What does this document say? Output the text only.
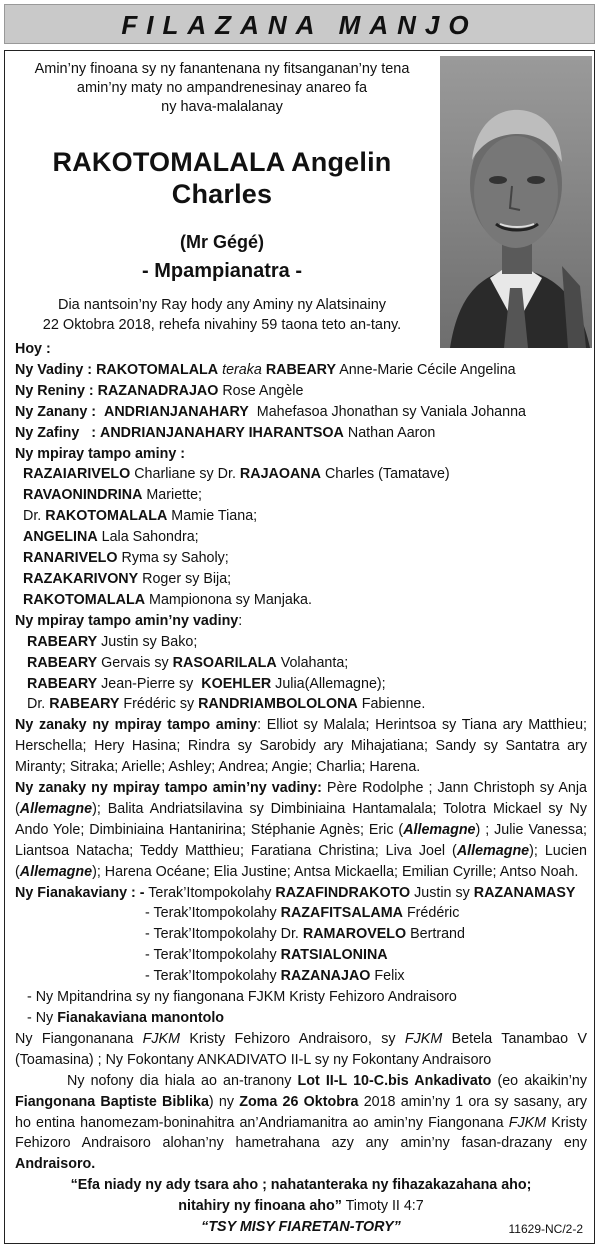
FILAZANA MANJO
Amin’ny finoana sy ny fanantenana ny fitsanganan’ny tena
amin’ny maty no ampandrenesinay anareo fa
ny hava-malalanay
RAKOTOMALALA Angelin
Charles
(Mr Gégé)
- Mpampianatra -
Dia nantsoin’ny Ray hody any Aminy ny Alatsinainy
22 Oktobra 2018, rehefa nivahiny 59 taona teto an-tany.
Hoy :
Ny Vadiny : RAKOTOMALALA teraka RABEARY Anne-Marie Cécile Angelina
Ny Reniny : RAZANADRAJAO Rose Angèle
Ny Zanany : ANDRIANJANAHARY Mahefasoa Jhonathan sy Vaniala Johanna
Ny Zafiny : ANDRIANJANAHARY IHARANTSOA Nathan Aaron
Ny mpiray tampo aminy :
RAZAIARIVELO Charliane sy Dr. RAJAOANA Charles (Tamatave)
RAVAONINDRINA Mariette;
Dr. RAKOTOMALALA Mamie Tiana;
ANGELINA Lala Sahondra;
RANARIVELO Ryma sy Saholy;
RAZAKARIVONY Roger sy Bija;
RAKOTOMALALA Mampionona sy Manjaka.
Ny mpiray tampo amin’ny vadiny:
RABEARY Justin sy Bako;
RABEARY Gervais sy RASOARILALA Volahanta;
RABEARY Jean-Pierre sy KOEHLER Julia(Allemagne);
Dr. RABEARY Frédéric sy RANDRIAMBOLOLONA Fabienne.
Ny zanaky ny mpiray tampo aminy: Elliot sy Malala; Herintsoa sy Tiana ary Matthieu; Herschella; Hery Hasina; Rindra sy Sarobidy ary Mihajatiana; Sandy sy Santatra ary Miranty; Sitraka; Arielle; Ashley; Andrea; Angie; Charlia; Harena.
Ny zanaky ny mpiray tampo amin’ny vadiny: Père Rodolphe ; Jann Christoph sy Anja (Allemagne); Balita Andriatsilavina sy Dimbiniaina Hantamalala; Tolotra Mickael sy Ny Ando Yole; Dimbiniaina Hantanirina; Stéphanie Agnès; Eric (Allemagne) ; Julie Vanessa; Liantsoa Natacha; Teddy Matthieu; Faratiana Christina; Liva Joel (Allemagne); Lucien (Allemagne); Harena Océane; Elia Justine; Antsa Mickaella; Emilian Cyrille; Antso Noah.
Ny Fianakaviany : - Terak’Itompokolahy RAZAFINDRAKOTO Justin sy RAZANAMASY
- Terak’Itompokolahy RAZAFITSALAMA Frédéric
- Terak’Itompokolahy Dr. RAMAROVELO Bertrand
- Terak’Itompokolahy RATSIALONINA
- Terak’Itompokolahy RAZANAJAO Felix
- Ny Mpitandrina sy ny fiangonana FJKM Kristy Fehizoro Andraisoro
- Ny Fianakaviana manontolo
Ny Fiangonanana FJKM Kristy Fehizoro Andraisoro, sy FJKM Betela Tanambao V (Toamasina) ; Ny Fokontany ANKADIVATO II-L sy ny Fokontany Andraisoro
Ny nofony dia hiala ao an-tranony Lot II-L 10-C.bis Ankadivato (eo akaikin’ny Fiangonana Baptiste Biblika) ny Zoma 26 Oktobra 2018 amin’ny 1 ora sy sasany, ary ho entina hanomezam-boninahitra an’Andriamanitra ao amin’ny Fiangonana FJKM Kristy Fehizoro Andraisoro alohan’ny hametrahana azy any amin’ny fasan-drazany eny Andraisoro.
“Efa niady ny ady tsara aho ; nahatanteraka ny fihazakazahana aho;
nitahiry ny finoana aho” Timoty II 4:7
“TSY MISY FIARETAN-TORY”	11629-NC/2-2
